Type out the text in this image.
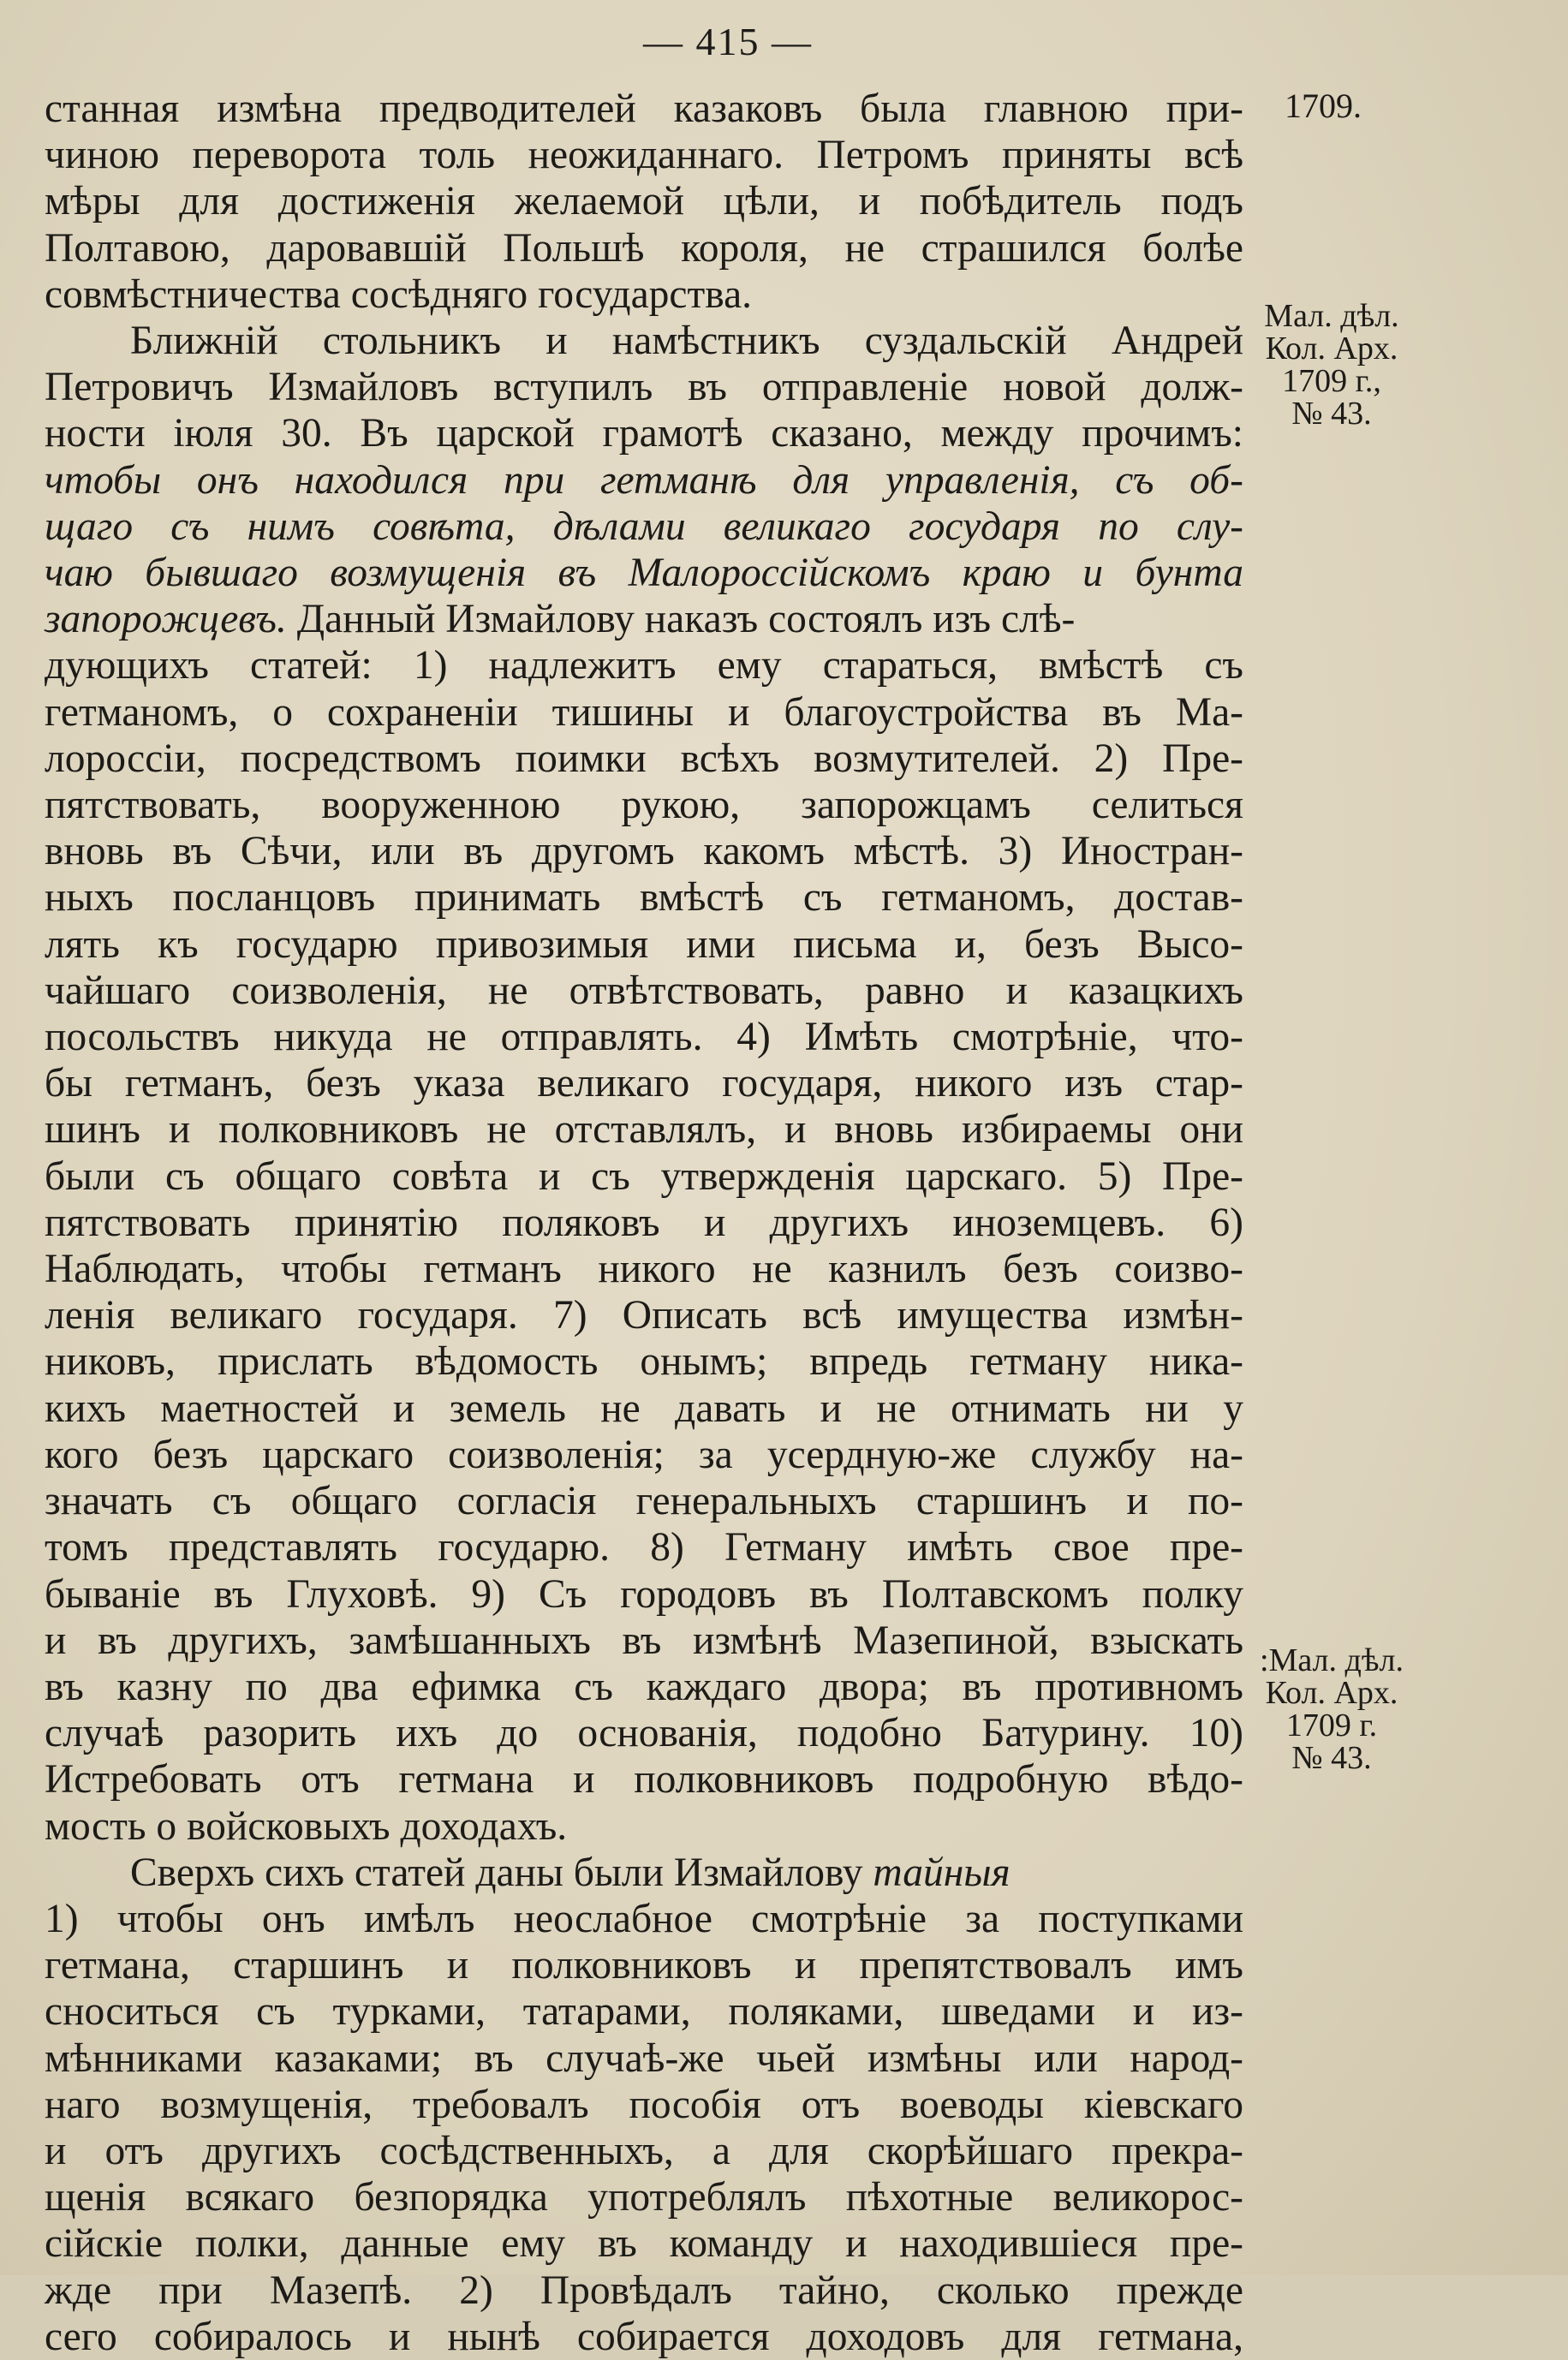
— 415 —
1709.
Мал. дѣл.
Кол. Арх.
1709 г.,
№ 43.
:Мал. дѣл.
Кол. Арх.
1709 г.
№ 43.
станная измѣна предводителей казаковъ была главною при-
чиною переворота толь неожиданнаго. Петромъ приняты всѣ
мѣры для достиженія желаемой цѣли, и побѣдитель подъ
Полтавою, даровавшій Польшѣ короля, не страшился болѣе
совмѣстничества сосѣдняго государства.
Ближній стольникъ и намѣстникъ суздальскій Андрей
Петровичъ Измайловъ вступилъ въ отправленіе новой долж-
ности іюля 30. Въ царской грамотѣ сказано, между прочимъ:
чтобы онъ находился при гетманѣ для управленія, съ об-
щаго съ нимъ совѣта, дѣлами великаго государя по слу-
чаю бывшаго возмущенія въ Малороссійскомъ краю и бунта
запорожцевъ. Данный Измайлову наказъ состоялъ изъ слѣ-
дующихъ статей: 1) надлежитъ ему стараться, вмѣстѣ съ
гетманомъ, о сохраненіи тишины и благоустройства въ Ма-
лороссіи, посредствомъ поимки всѣхъ возмутителей. 2) Пре-
пятствовать, вооруженною рукою, запорожцамъ селиться
вновь въ Сѣчи, или въ другомъ какомъ мѣстѣ. 3) Иностран-
ныхъ посланцовъ принимать вмѣстѣ съ гетманомъ, достав-
лять къ государю привозимыя ими письма и, безъ Высо-
чайшаго соизволенія, не отвѣтствовать, равно и казацкихъ
посольствъ никуда не отправлять. 4) Имѣть смотрѣніе, что-
бы гетманъ, безъ указа великаго государя, никого изъ стар-
шинъ и полковниковъ не отставлялъ, и вновь избираемы они
были съ общаго совѣта и съ утвержденія царскаго. 5) Пре-
пятствовать принятію поляковъ и другихъ иноземцевъ. 6)
Наблюдать, чтобы гетманъ никого не казнилъ безъ соизво-
ленія великаго государя. 7) Описать всѣ имущества измѣн-
никовъ, прислать вѣдомость онымъ; впредь гетману ника-
кихъ маетностей и земель не давать и не отнимать ни у
кого безъ царскаго соизволенія; за усердную-же службу на-
значать съ общаго согласія генеральныхъ старшинъ и по-
томъ представлять государю. 8) Гетману имѣть свое пре-
бываніе въ Глуховѣ. 9) Съ городовъ въ Полтавскомъ полку
и въ другихъ, замѣшанныхъ въ измѣнѣ Мазепиной, взыскать
въ казну по два ефимка съ каждаго двора; въ противномъ
случаѣ разорить ихъ до основанія, подобно Батурину. 10)
Истребовать отъ гетмана и полковниковъ подробную вѣдо-
мость о войсковыхъ доходахъ.
Сверхъ сихъ статей даны были Измайлову тайныя
1) чтобы онъ имѣлъ неослабное смотрѣніе за поступками
гетмана, старшинъ и полковниковъ и препятствовалъ имъ
сноситься съ турками, татарами, поляками, шведами и из-
мѣнниками казаками; въ случаѣ-же чьей измѣны или народ-
наго возмущенія, требовалъ пособія отъ воеводы кіевскаго
и отъ другихъ сосѣдственныхъ, а для скорѣйшаго прекра-
щенія всякаго безпорядка употреблялъ пѣхотные великорос-
сійскіе полки, данные ему въ команду и находившіеся пре-
жде при Мазепѣ. 2) Провѣдалъ тайно, сколько прежде
сего собиралось и нынѣ собирается доходовъ для гетмана,
